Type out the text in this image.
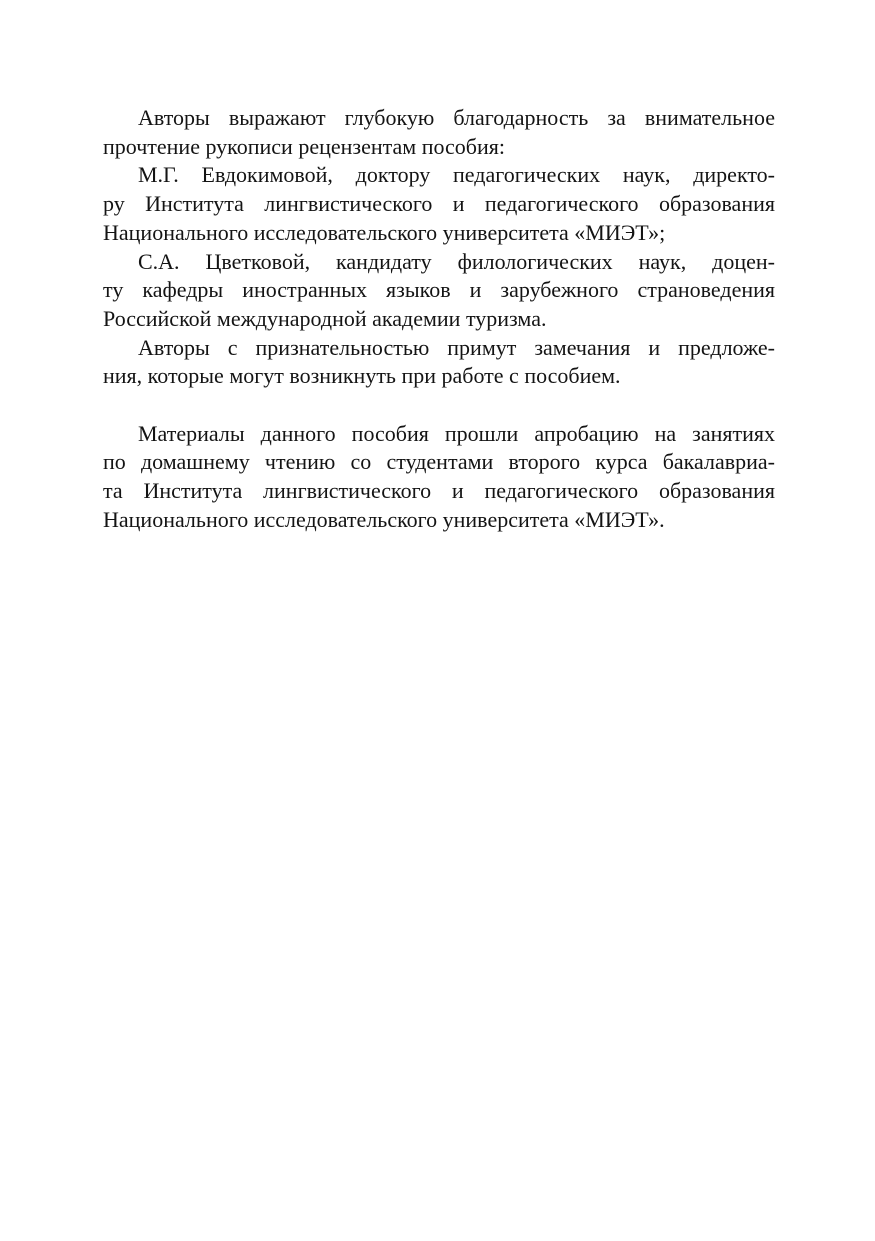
Авторы выражают глубокую благодарность за внимательное
прочтение рукописи рецензентам пособия:
М.Г. Евдокимовой, доктору педагогических наук, директо-
ру Института лингвистического и педагогического образования
Национального исследовательского университета «МИЭТ»;
С.А. Цветковой, кандидату филологических наук, доцен-
ту кафедры иностранных языков и зарубежного страноведения
Российской международной академии туризма.
Авторы с признательностью примут замечания и предложе-
ния, которые могут возникнуть при работе с пособием.
Материалы данного пособия прошли апробацию на занятиях
по домашнему чтению со студентами второго курса бакалавриа-
та Института лингвистического и педагогического образования
Национального исследовательского университета «МИЭТ».
